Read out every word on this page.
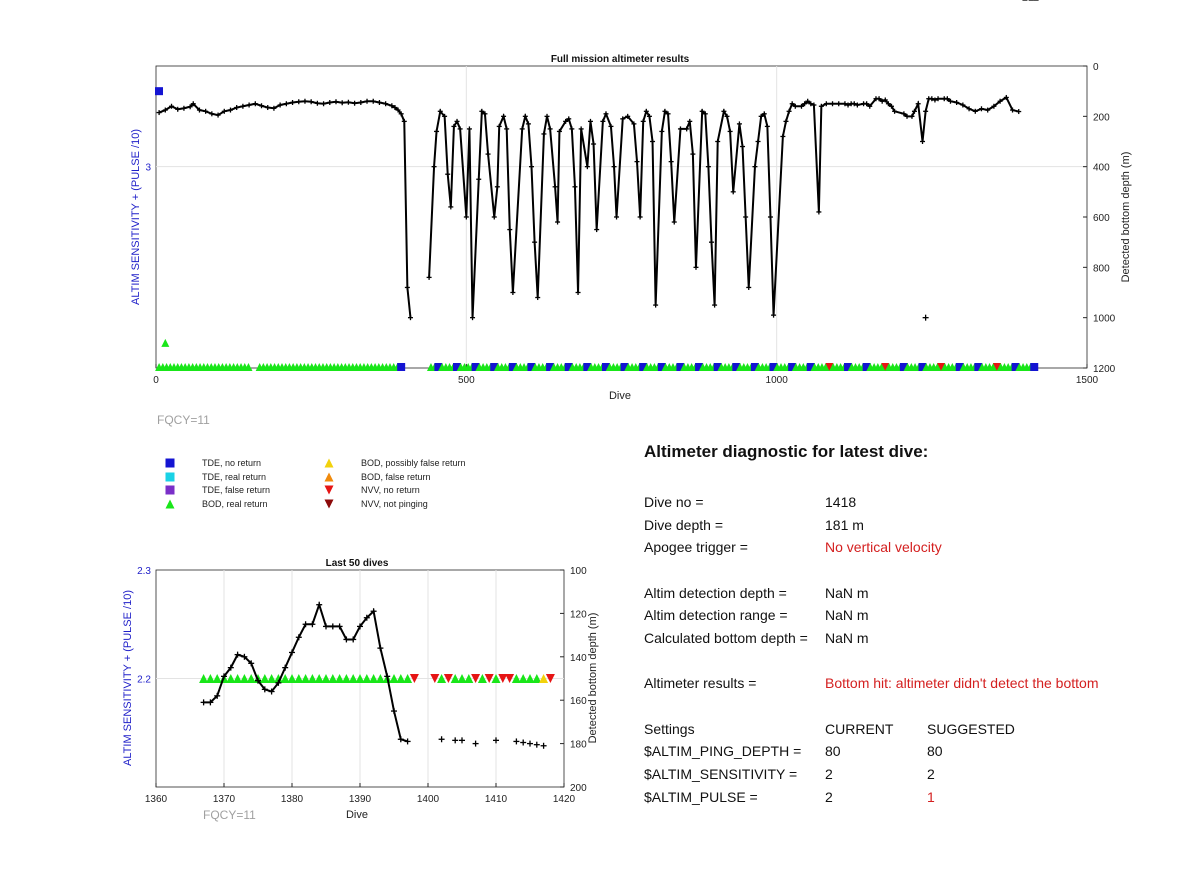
0	500	1000	1500
3
0
200
400
600
800
1000
1200
Full mission altimeter results
Dive
ALTIM SENSITIVITY + (PULSE /10)	Detected bottom depth (m)
FQCY=11
TDE, no return
TDE, real return
TDE, false return
BOD, real return
BOD, possibly false return
BOD, false return
NVV, no return
NVV, not pinging
1360	1370	1380	1390	1400	1410	1420
2.2
2.3	100
120
140
160
180
200
Last 50 dives
Dive
ALTIM SENSITIVITY + (PULSE /10)	Detected bottom depth (m)
FQCY=11
Altimeter diagnostic for latest dive:
Dive no =	1418
Dive depth =	181 m
Apogee trigger =	No vertical velocity
Altim detection depth =	NaN m
Altim detection range =	NaN m
Calculated bottom depth = NaN m
Altimeter results =	Bottom hit: altimeter didn't detect the bottom
Settings	CURRENT SUGGESTED
$ALTIM_PING_DEPTH = 80	80
$ALTIM_SENSITIVITY = 2	2
$ALTIM_PULSE =	2	1
